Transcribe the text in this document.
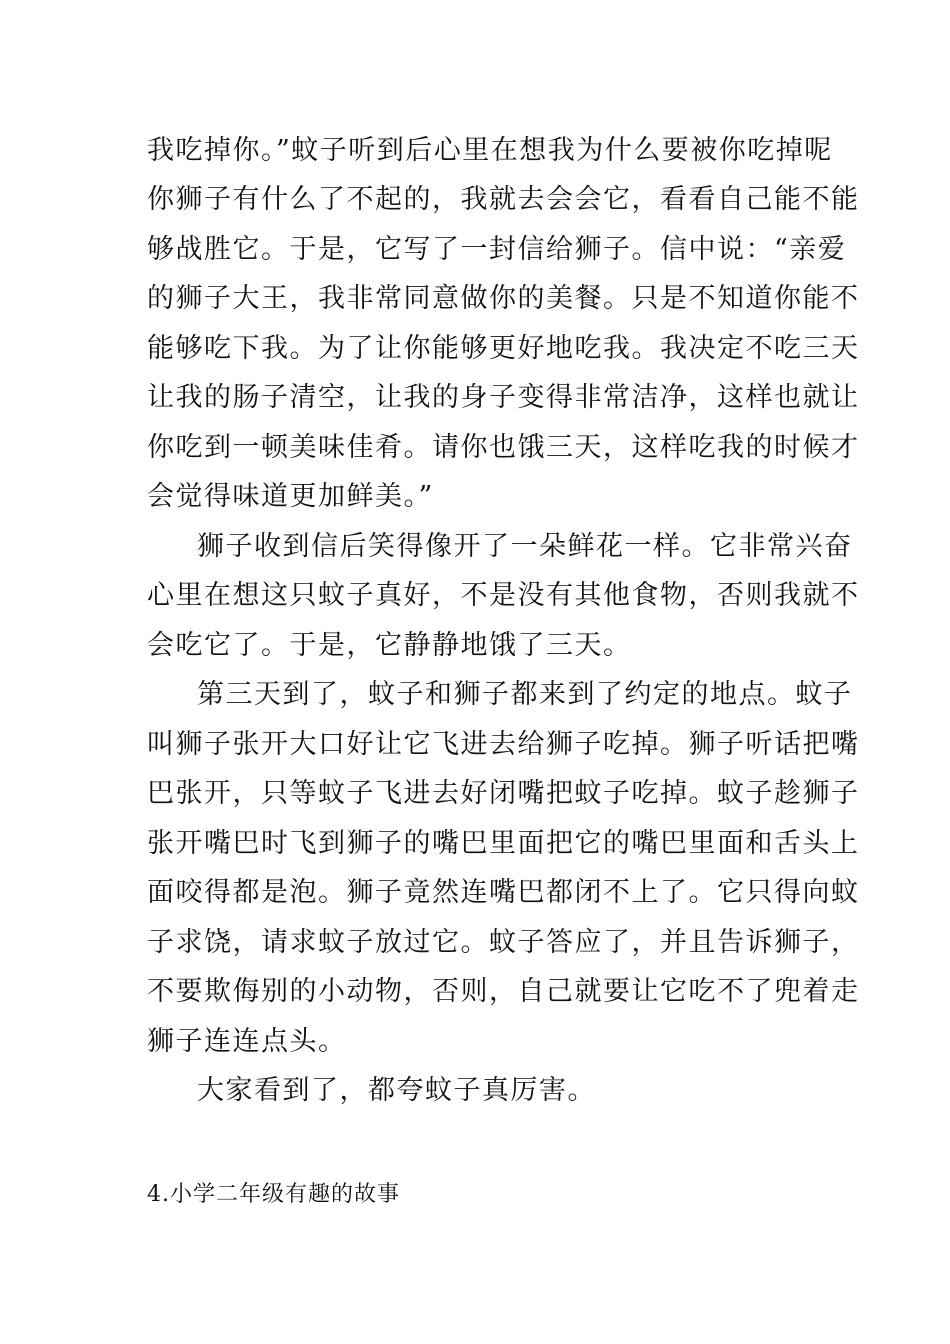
我吃掉你。”蚊子听到后心里在想我为什么要被你吃掉呢
你狮子有什么了不起的，我就去会会它，看看自己能不能
够战胜它。于是，它写了一封信给狮子。信中说：“亲爱
的狮子大王，我非常同意做你的美餐。只是不知道你能不
能够吃下我。为了让你能够更好地吃我。我决定不吃三天
让我的肠子清空，让我的身子变得非常洁净，这样也就让
你吃到一顿美味佳肴。请你也饿三天，这样吃我的时候才
会觉得味道更加鲜美。”
狮子收到信后笑得像开了一朵鲜花一样。它非常兴奋
心里在想这只蚊子真好，不是没有其他食物，否则我就不
会吃它了。于是，它静静地饿了三天。
第三天到了，蚊子和狮子都来到了约定的地点。蚊子
叫狮子张开大口好让它飞进去给狮子吃掉。狮子听话把嘴
巴张开，只等蚊子飞进去好闭嘴把蚊子吃掉。蚊子趁狮子
张开嘴巴时飞到狮子的嘴巴里面把它的嘴巴里面和舌头上
面咬得都是泡。狮子竟然连嘴巴都闭不上了。它只得向蚊
子求饶，请求蚊子放过它。蚊子答应了，并且告诉狮子，
不要欺侮别的小动物，否则，自己就要让它吃不了兜着走
狮子连连点头。
大家看到了，都夸蚊子真厉害。
4.小学二年级有趣的故事
